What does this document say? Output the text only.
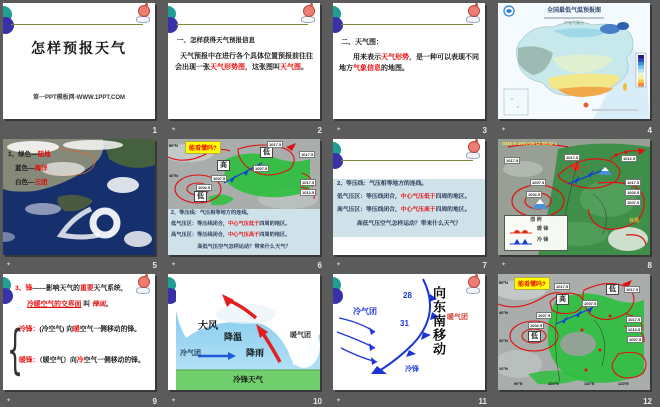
怎样预报天气
第一PPT模板网-WWW.1PPT.COM
1
一、怎样获得天气预报信息
天气预报中在进行各个具体位置预报前往往
会出现一张天气形势图，这张图叫天气图。
✦	2
二、天气图：
用来表示天气形势，是一种可以表现不同
地方气象信息的地图。
✦	3
全国最低气温预报图
中央气象台
✦	4
1、绿色—陆地
蓝色—海洋
白色—云团
✦	5
能看懂吗?
高
低
低
1017.5
1017.5
1007.5
1007.5
1002.5
1017.5
1012.5
50°N
40°N
2、等压线：气压相等地方的连线。
低气压区：等压线闭合，中心气压低于四周的地区。
高气压区：等压线闭合，中心气压高于四周的地区。
高低气压空气怎样运动？带来什么天气？
✦	6
2、等压线：气压相等地方的连线。
低气压区：等压线闭合，中心气压低于四周的地区。
高气压区：等压线闭合，中心气压高于四周的地区。
高低气压空气怎样运动？带来什么天气？
✦	7
GMS-5 2001-09-13 08:32 1
1017.5
1017.5	1012.5
1007.5
1002.5
1017.5
1002.5
1007.5
台风
图 例
暖 锋
冷 锋
✦	8
3、锋——影响天气的重要天气系统，
冷暖空气的交界面 叫 锋面。
{
冷锋：(冷空气) 向暖空气一侧移动的锋。
暖锋：（暖空气）向冷空气一侧移动的锋。
✦	9
大风
降温
降雨
冷气团
暖气团
冷锋天气
✦	10
28
31
冷气团
暖气团
向东南移动
冷锋
✦	11
能看懂吗?
高
低
低
1017.5
1007.5
1017.5
1007.5
1002.5
1017.5
1012.5
1007.5
50°N
40°N
30°N
20°N
90°E	100°E	110°E	120°E
12
